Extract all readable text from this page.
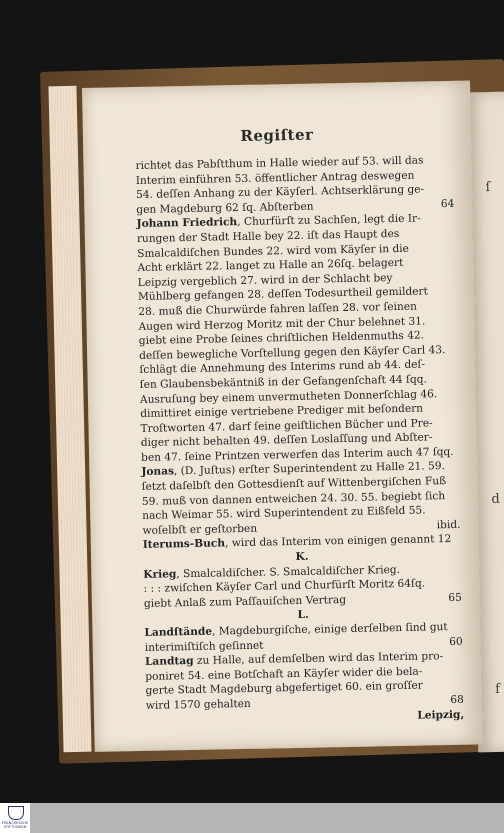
ſ
d
f
Regiſter
richtet das Pabſtthum in Halle wieder auf 53. will das
Interim einführen 53. öffentlicher Antrag deswegen
54. deſſen Anhang zu der Käyſerl. Achtserklärung ge-
gen Magdeburg 62 ſq. Abſterben	64
Johann Friedrich, Churfürſt zu Sachſen, legt die Ir-
rungen der Stadt Halle bey 22. iſt das Haupt des
Smalcaldiſchen Bundes 22. wird vom Käyſer in die
Acht erklärt 22. langet zu Halle an 26ſq. belagert
Leipzig vergeblich 27. wird in der Schlacht bey
Mühlberg gefangen 28. deſſen Todesurtheil gemildert
28. muß die Churwürde fahren laſſen 28. vor ſeinen
Augen wird Herzog Moritz mit der Chur belehnet 31.
giebt eine Probe ſeines chriſtlichen Heldenmuths 42.
deſſen bewegliche Vorſtellung gegen den Käyſer Carl 43.
ſchlägt die Annehmung des Interims rund ab 44. deſ-
ſen Glaubensbekäntniß in der Gefangenſchaft 44 ſqq.
Ausruſung bey einem unvermutheten Donnerſchlag 46.
dimittiret einige vertriebene Prediger mit beſondern
Troſtworten 47. darf ſeine geiſtlichen Bücher und Pre-
diger nicht behalten 49. deſſen Loslaſſung und Abſter-
ben 47. ſeine Printzen verwerfen das Interim auch 47 ſqq.
Jonas, (D. Juſtus) erſter Superintendent zu Halle 21. 59.
ſetzt daſelbſt den Gottesdienſt auf Wittenbergiſchen Fuß
59. muß von dannen entweichen 24. 30. 55. begiebt ſich
nach Weimar 55. wird Superintendent zu Eißfeld 55.
woſelbſt er geſtorben	ibid.
Iterums-Buch, wird das Interim von einigen genannt 12
K.
Krieg, Smalcaldiſcher. S. Smalcaldiſcher Krieg.
: : : zwiſchen Käyſer Carl und Churfürſt Moritz 64ſq.
giebt Anlaß zum Paſſauiſchen Vertrag	65
L.
Landſtände, Magdeburgiſche, einige derſelben ſind gut
interimiſtiſch geſinnet	60
Landtag zu Halle, auf demſelben wird das Interim pro-
poniret 54. eine Botſchaft an Käyſer wider die bela-
gerte Stadt Magdeburg abgefertiget 60. ein groſſer
wird 1570 gehalten	68
Leipzig,
FRANCKESCHE STIFTUNGEN
